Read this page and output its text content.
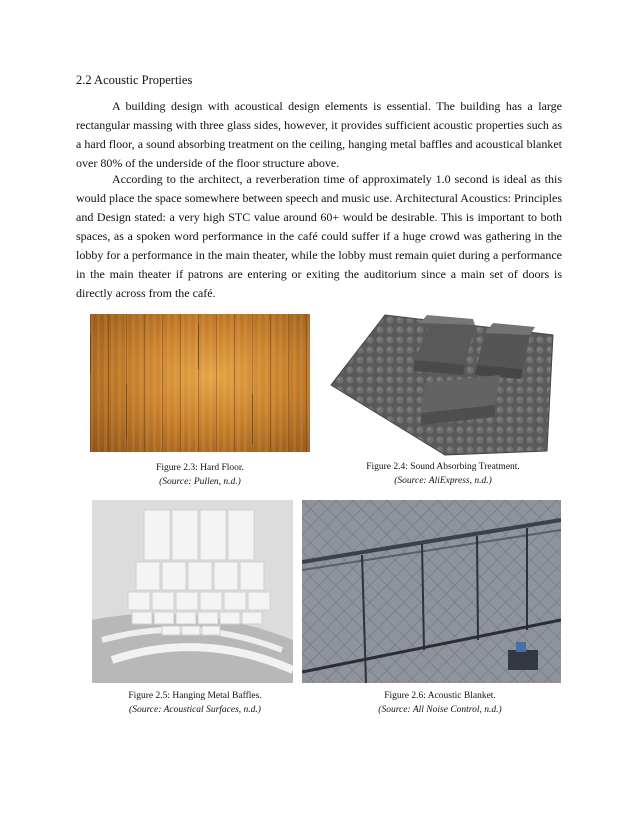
2.2 Acoustic Properties

A building design with acoustical design elements is essential. The building has a large rectangular massing with three glass sides, however, it provides sufficient acoustic properties such as a hard floor, a sound absorbing treatment on the ceiling, hanging metal baffles and acoustical blanket over 80% of the underside of the floor structure above.

According to the architect, a reverberation time of approximately 1.0 second is ideal as this would place the space somewhere between speech and music use. Architectural Acoustics: Principles and Design stated: a very high STC value around 60+ would be desirable. This is important to both spaces, as a spoken word performance in the café could suffer if a huge crowd was gathering in the lobby for a performance in the main theater, while the lobby must remain quiet during a performance in the main theater if patrons are entering or exiting the auditorium since a main set of doors is directly across from the café.

Figure 2.3: Hard Floor.
(Source: Pullen, n.d.)
Figure 2.4: Sound Absorbing Treatment.
(Source: AliExpress, n.d.)
Figure 2.5: Hanging Metal Baffles.
(Source: Acoustical Surfaces, n.d.)
Figure 2.6: Acoustic Blanket.
(Source: All Noise Control, n.d.)
